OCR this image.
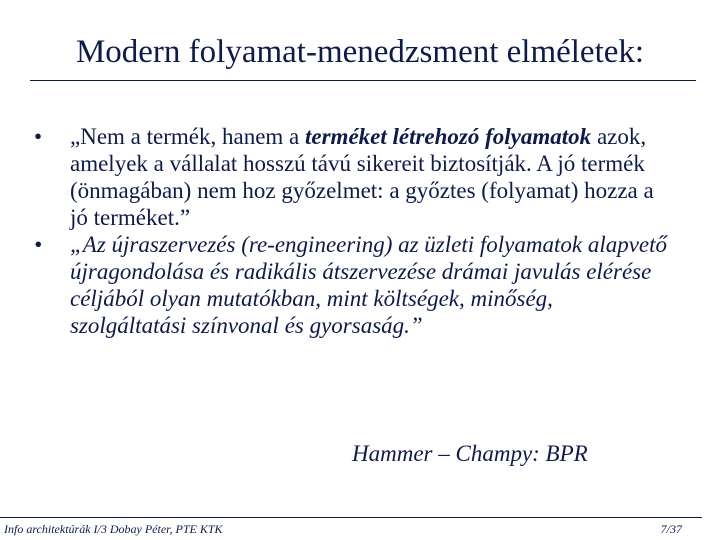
Modern folyamat-menedzsment elméletek:
• „Nem a termék, hanem a terméket létrehozó folyamatok azok, amelyek a vállalat hosszú távú sikereit biztosítják. A jó termék (önmagában) nem hoz győzelmet: a győztes (folyamat) hozza a jó terméket.”
• „Az újraszervezés (re-engineering) az üzleti folyamatok alapvető újragondolása és radikális átszervezése drámai javulás elérése céljából olyan mutatókban, mint költségek, minőség, szolgáltatási színvonal és gyorsaság.”
Hammer – Champy: BPR
Info architektúrák I/3 Dobay Péter, PTE KTK	7/37
